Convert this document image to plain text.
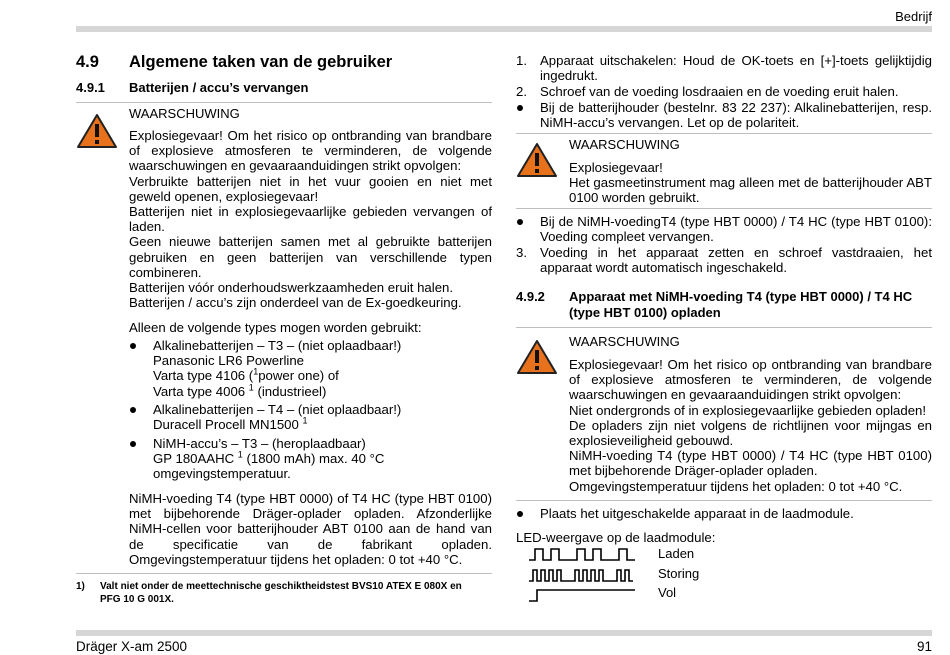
Bedrijf
4.9 Algemene taken van de gebruiker
4.9.1 Batterijen / accu’s vervangen
WAARSCHUWING
Explosiegevaar! Om het risico op ontbranding van brandbare of explosieve atmosferen te verminderen, de volgende waarschuwingen en gevaaraanduidingen strikt opvolgen:
Verbruikte batterijen niet in het vuur gooien en niet met geweld openen, explosiegevaar!
Batterijen niet in explosiegevaarlijke gebieden vervangen of laden.
Geen nieuwe batterijen samen met al gebruikte batterijen gebruiken en geen batterijen van verschillende typen combineren.
Batterijen vóór onderhoudswerkzaamheden eruit halen.
Batterijen / accu’s zijn onderdeel van de Ex-goedkeuring.
Alleen de volgende types mogen worden gebruikt:
Alkalinebatterijen – T3 – (niet oplaadbaar!)
Panasonic LR6 Powerline
Varta type 4106 ($^1$power one) of
Varta type 4006 $^1$ (industrieel)
Alkalinebatterijen – T4 – (niet oplaadbaar!)
Duracell Procell MN1500 $^1$
NiMH-accu’s – T3 – (heroplaadbaar)
GP 180AAHC $^1$ (1800 mAh) max. 40 °C
omgevingstemperatuur.
NiMH-voeding T4 (type HBT 0000) of T4 HC (type HBT 0100) met bijbehorende Dräger-oplader opladen. Afzonderlijke NiMH-cellen voor batterijhouder ABT 0100 aan de hand van de specificatie van de fabrikant opladen. Omgevingstemperatuur tijdens het opladen: 0 tot +40 °C.
1) Valt niet onder de meettechnische geschiktheidstest BVS10 ATEX E 080X en
PFG 10 G 001X.
1. Apparaat uitschakelen: Houd de OK-toets en [+]-toets gelijktijdig ingedrukt.
2. Schroef van de voeding losdraaien en de voeding eruit halen.
Bij de batterijhouder (bestelnr. 83 22 237): Alkalinebatterijen, resp. NiMH-accu’s vervangen. Let op de polariteit.
WAARSCHUWING
Explosiegevaar!
Het gasmeetinstrument mag alleen met de batterijhouder ABT 0100 worden gebruikt.
Bij de NiMH-voedingT4 (type HBT 0000) / T4 HC (type HBT 0100): Voeding compleet vervangen.
3. Voeding in het apparaat zetten en schroef vastdraaien, het apparaat wordt automatisch ingeschakeld.
4.9.2 Apparaat met NiMH-voeding T4 (type HBT 0000) / T4 HC (type HBT 0100) opladen
WAARSCHUWING
Explosiegevaar! Om het risico op ontbranding van brandbare of explosieve atmosferen te verminderen, de volgende waarschuwingen en gevaaraanduidingen strikt opvolgen:
Niet ondergronds of in explosiegevaarlijke gebieden opladen!
De opladers zijn niet volgens de richtlijnen voor mijngas en explosieveiligheid gebouwd.
NiMH-voeding T4 (type HBT 0000) / T4 HC (type HBT 0100) met bijbehorende Dräger-oplader opladen.
Omgevingstemperatuur tijdens het opladen: 0 tot +40 °C.
Plaats het uitgeschakelde apparaat in de laadmodule.
LED-weergave op de laadmodule:
Laden
Storing
Vol
Dräger X-am 2500	91
